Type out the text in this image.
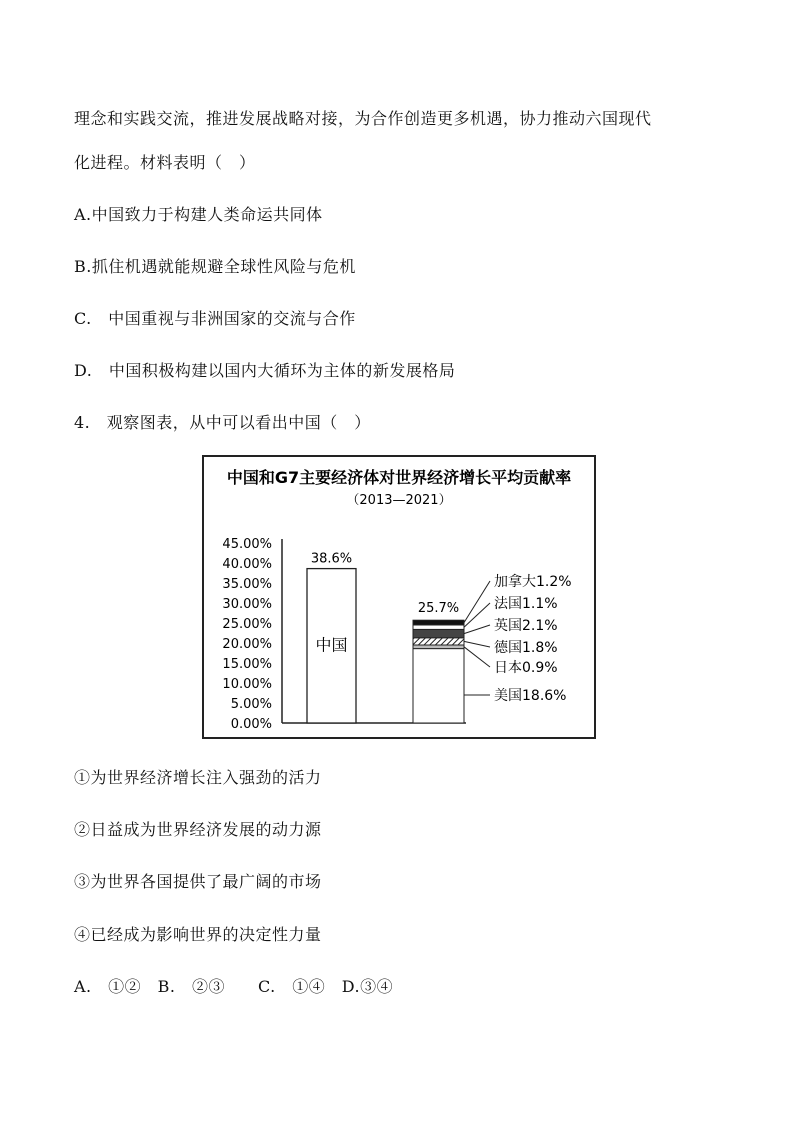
理念和实践交流，推进发展战略对接，为合作创造更多机遇，协力推动六国现代
化进程。材料表明（　）
A.中国致力于构建人类命运共同体
B.抓住机遇就能规避全球性风险与危机
C.　中国重视与非洲国家的交流与合作
D.　中国积极构建以国内大循环为主体的新发展格局
4.　观察图表，从中可以看出中国（　）
中国和G7主要经济体对世界经济增长平均贡献率
（2013—2021）
45.00%
40.00%
35.00%
30.00%
25.00%
20.00%
15.00%
10.00%
5.00%
0.00%
38.6%
中国
美国18.6%
日本0.9%
德国1.8%
英国2.1%
法国1.1%
加拿大1.2%
25.7%
①为世界经济增长注入强劲的活力
②日益成为世界经济发展的动力源
③为世界各国提供了最广阔的市场
④已经成为影响世界的决定性力量
A.　①②　B.　②③　　C.　①④　D.③④
